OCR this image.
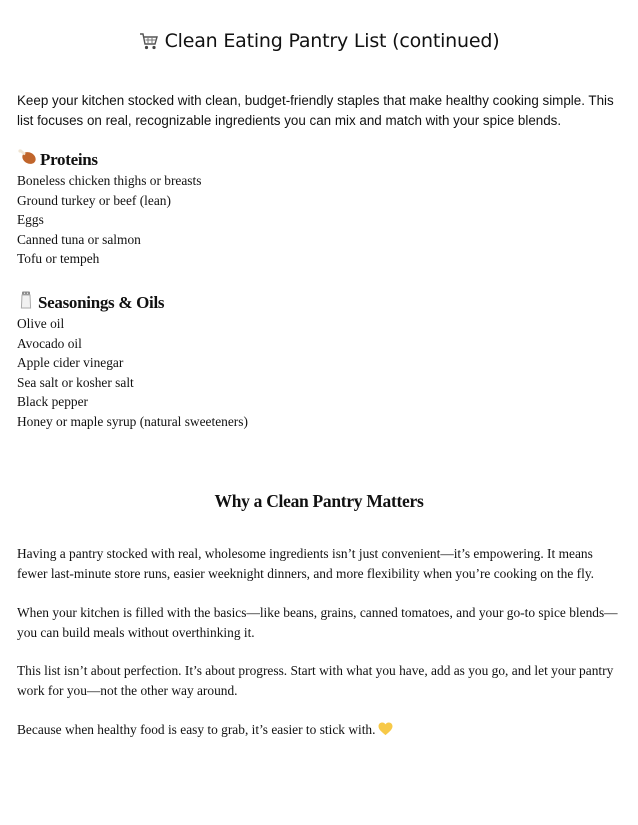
Clean Eating Pantry List (continued)

Keep your kitchen stocked with clean, budget-friendly staples that make healthy cooking simple. This list focuses on real, recognizable ingredients you can mix and match with your spice blends.

Proteins
Boneless chicken thighs or breasts
Ground turkey or beef (lean)
Eggs
Canned tuna or salmon
Tofu or tempeh
Seasonings & Oils
Olive oil
Avocado oil
Apple cider vinegar
Sea salt or kosher salt
Black pepper
Honey or maple syrup (natural sweeteners)
Why a Clean Pantry Matters

Having a pantry stocked with real, wholesome ingredients isn’t just convenient—it’s empowering. It means fewer last-minute store runs, easier weeknight dinners, and more flexibility when you’re cooking on the fly.

When your kitchen is filled with the basics—like beans, grains, canned tomatoes, and your go-to spice blends—you can build meals without overthinking it.

This list isn’t about perfection. It’s about progress. Start with what you have, add as you go, and let your pantry work for you—not the other way around.

Because when healthy food is easy to grab, it’s easier to stick with.
